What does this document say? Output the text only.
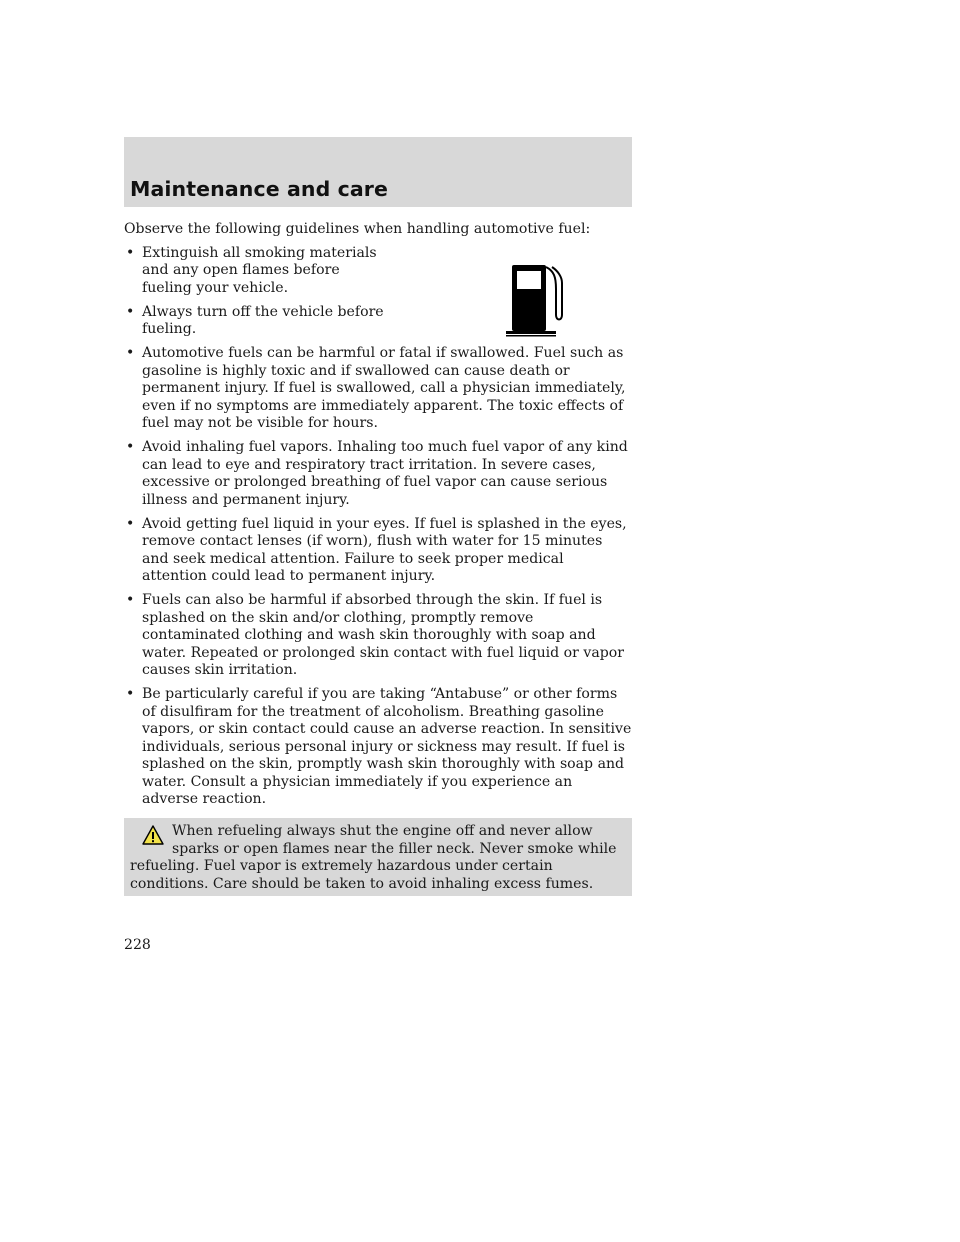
Maintenance and care

Observe the following guidelines when handling automotive fuel:

• Extinguish all smoking materials and any open flames before fueling your vehicle.
• Always turn off the vehicle before fueling.
• Automotive fuels can be harmful or fatal if swallowed. Fuel such as gasoline is highly toxic and if swallowed can cause death or permanent injury. If fuel is swallowed, call a physician immediately, even if no symptoms are immediately apparent. The toxic effects of fuel may not be visible for hours.
• Avoid inhaling fuel vapors. Inhaling too much fuel vapor of any kind can lead to eye and respiratory tract irritation. In severe cases, excessive or prolonged breathing of fuel vapor can cause serious illness and permanent injury.
• Avoid getting fuel liquid in your eyes. If fuel is splashed in the eyes, remove contact lenses (if worn), flush with water for 15 minutes and seek medical attention. Failure to seek proper medical attention could lead to permanent injury.
• Fuels can also be harmful if absorbed through the skin. If fuel is splashed on the skin and/or clothing, promptly remove contaminated clothing and wash skin thoroughly with soap and water. Repeated or prolonged skin contact with fuel liquid or vapor causes skin irritation.
• Be particularly careful if you are taking “Antabuse” or other forms of disulfiram for the treatment of alcoholism. Breathing gasoline vapors, or skin contact could cause an adverse reaction. In sensitive individuals, serious personal injury or sickness may result. If fuel is splashed on the skin, promptly wash skin thoroughly with soap and water. Consult a physician immediately if you experience an adverse reaction.

When refueling always shut the engine off and never allow sparks or open flames near the filler neck. Never smoke while refueling. Fuel vapor is extremely hazardous under certain conditions. Care should be taken to avoid inhaling excess fumes.

228
